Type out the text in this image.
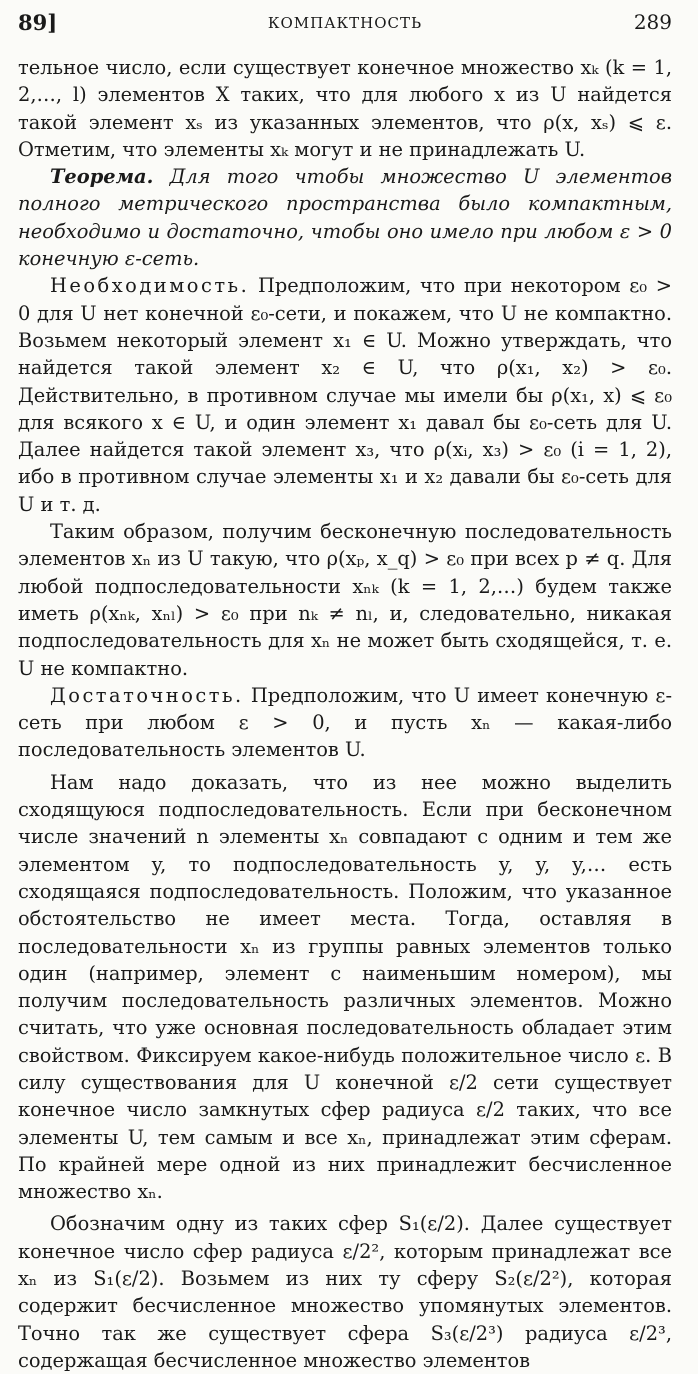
89]	КОМПАКТНОСТЬ	289

тельное число, если существует конечное множество xₖ (k = 1, 2,…, l) элементов X таких, что для любого x из U найдется такой элемент xₛ из указанных элементов, что ρ(x, xₛ) ⩽ ε. Отметим, что элементы xₖ могут и не принадлежать U.

Теорема. Для того чтобы множество U элементов полного метрического пространства было компактным, необходимо и достаточно, чтобы оно имело при любом ε > 0 конечную ε-сеть.

Необходимость. Предположим, что при некотором ε₀ > 0 для U нет конечной ε₀-сети, и покажем, что U не компактно. Возьмем некоторый элемент x₁ ∈ U. Можно утверждать, что найдется такой элемент x₂ ∈ U, что ρ(x₁, x₂) > ε₀. Действительно, в противном случае мы имели бы ρ(x₁, x) ⩽ ε₀ для всякого x ∈ U, и один элемент x₁ давал бы ε₀-сеть для U. Далее найдется такой элемент x₃, что ρ(xᵢ, x₃) > ε₀ (i = 1, 2), ибо в противном случае элементы x₁ и x₂ давали бы ε₀-сеть для U и т. д.

Таким образом, получим бесконечную последовательность элементов xₙ из U такую, что ρ(xₚ, x_q) > ε₀ при всех p ≠ q. Для любой подпоследовательности xₙₖ (k = 1, 2,…) будем также иметь ρ(xₙₖ, xₙₗ) > ε₀ при nₖ ≠ nₗ, и, следовательно, никакая подпоследовательность для xₙ не может быть сходящейся, т. е. U не компактно.

Достаточность. Предположим, что U имеет конечную ε-сеть при любом ε > 0, и пусть xₙ — какая-либо последовательность элементов U.

Нам надо доказать, что из нее можно выделить сходящуюся подпоследовательность. Если при бесконечном числе значений n элементы xₙ совпадают с одним и тем же элементом y, то подпоследовательность y, y, y,… есть сходящаяся подпоследовательность. Положим, что указанное обстоятельство не имеет места. Тогда, оставляя в последовательности xₙ из группы равных элементов только один (например, элемент с наименьшим номером), мы получим последовательность различных элементов. Можно считать, что уже основная последовательность обладает этим свойством. Фиксируем какое-нибудь положительное число ε. В силу существования для U конечной ε/2 сети существует конечное число замкнутых сфер радиуса ε/2 таких, что все элементы U, тем самым и все xₙ, принадлежат этим сферам. По крайней мере одной из них принадлежит бесчисленное множество xₙ.

Обозначим одну из таких сфер S₁(ε/2). Далее существует конечное число сфер радиуса ε/2², которым принадлежат все xₙ из S₁(ε/2). Возьмем из них ту сферу S₂(ε/2²), которая содержит бесчисленное множество упомянутых элементов. Точно так же существует сфера S₃(ε/2³) радиуса ε/2³, содержащая бесчисленное множество элементов
